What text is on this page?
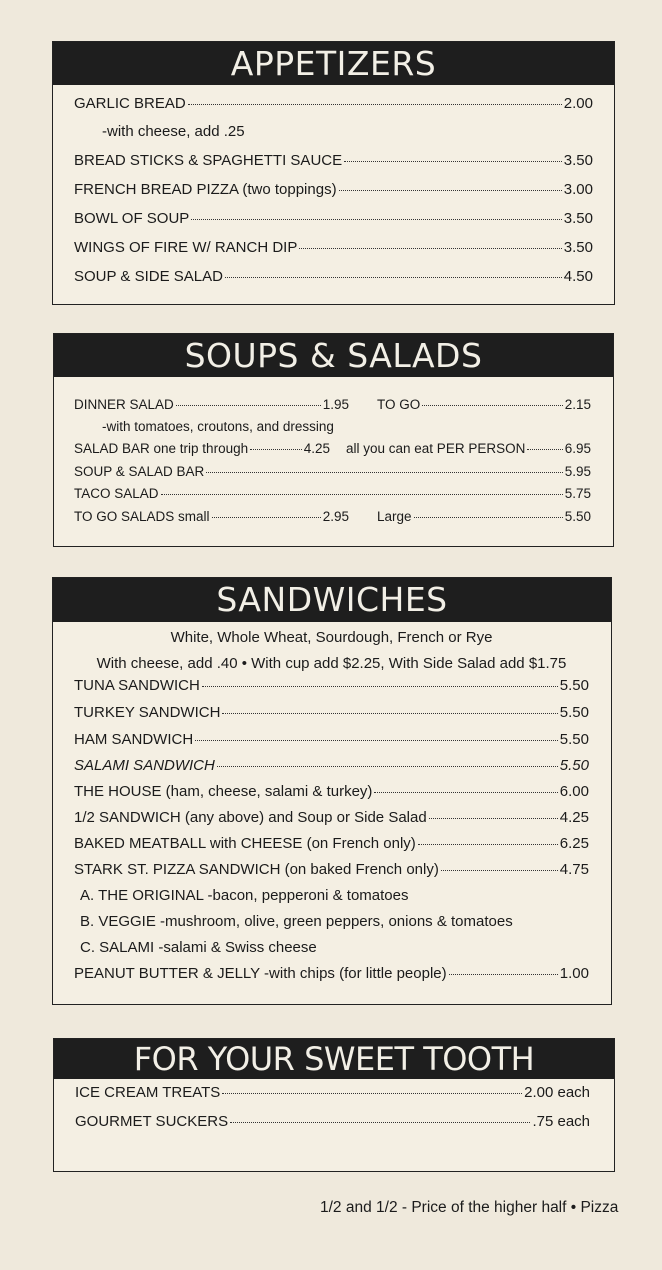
APPETIZERS
GARLIC BREAD	2.00
-with cheese, add .25
BREAD STICKS & SPAGHETTI SAUCE	3.50
FRENCH BREAD PIZZA (two toppings)	3.00
BOWL OF SOUP	3.50
WINGS OF FIRE W/ RANCH DIP	3.50
SOUP & SIDE SALAD	4.50
SOUPS & SALADS
DINNER SALAD	1.95 TO GO	2.15
-with tomatoes, croutons, and dressing
SALAD BAR one trip through	4.25 all you can eat PER PERSON	6.95
SOUP & SALAD BAR	5.95
TACO SALAD	5.75
TO GO SALADS small	2.95 Large	5.50
SANDWICHES
White, Whole Wheat, Sourdough, French or Rye
With cheese, add .40 • With cup add $2.25, With Side Salad add $1.75
TUNA SANDWICH	5.50
TURKEY SANDWICH	5.50
HAM SANDWICH	5.50
SALAMI SANDWICH	5.50
THE HOUSE (ham, cheese, salami & turkey)	6.00
1/2 SANDWICH (any above) and Soup or Side Salad	4.25
BAKED MEATBALL with CHEESE (on French only)	6.25
STARK ST. PIZZA SANDWICH (on baked French only)	4.75
A. THE ORIGINAL -bacon, pepperoni & tomatoes
B. VEGGIE -mushroom, olive, green peppers, onions & tomatoes
C. SALAMI -salami & Swiss cheese
PEANUT BUTTER & JELLY -with chips (for little people)	1.00
FOR YOUR SWEET TOOTH
ICE CREAM TREATS	2.00 each
GOURMET SUCKERS	.75 each
1/2 and 1/2 - Price of the higher half • Pizza
